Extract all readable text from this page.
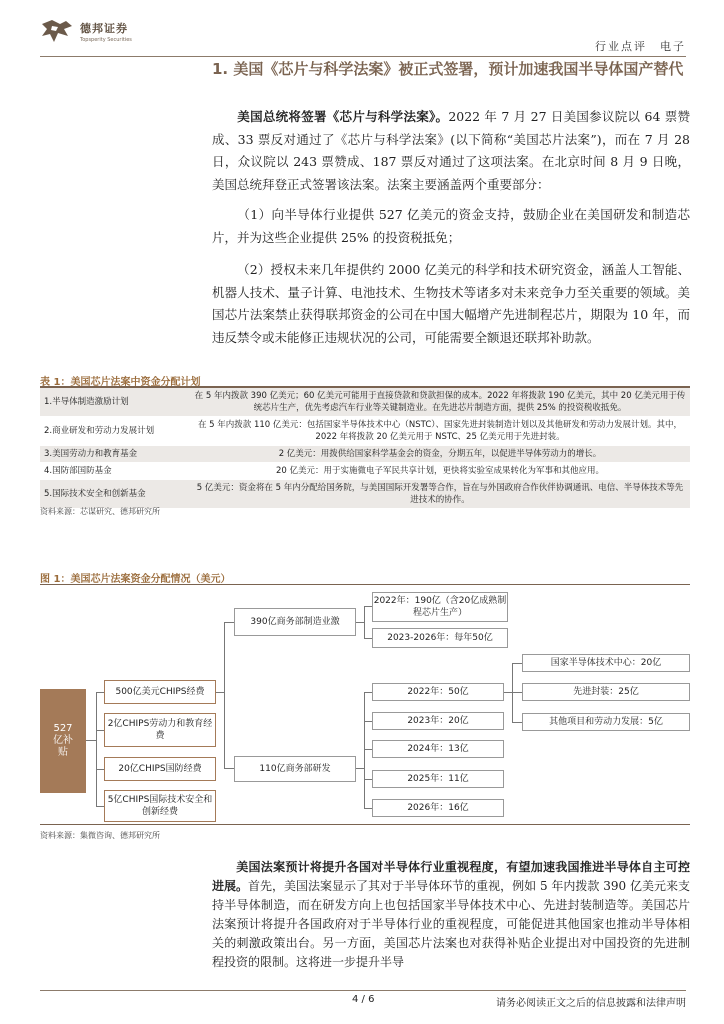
德邦证券
Topsperity Securities
行业点评　电子
1. 美国《芯片与科学法案》被正式签署，预计加速我国半导体国产替代
美国总统将签署《芯片与科学法案》。2022 年 7 月 27 日美国参议院以 64 票赞成、33 票反对通过了《芯片与科学法案》(以下简称“美国芯片法案”)，而在 7 月 28 日，众议院以 243 票赞成、187 票反对通过了这项法案。在北京时间 8 月 9 日晚，美国总统拜登正式签署该法案。法案主要涵盖两个重要部分：
（1）向半导体行业提供 527 亿美元的资金支持，鼓励企业在美国研发和制造芯片，并为这些企业提供 25% 的投资税抵免；
（2）授权未来几年提供约 2000 亿美元的科学和技术研究资金，涵盖人工智能、机器人技术、量子计算、电池技术、生物技术等诸多对未来竞争力至关重要的领域。美国芯片法案禁止获得联邦资金的公司在中国大幅增产先进制程芯片，期限为 10 年，而违反禁令或未能修正违规状况的公司，可能需要全额退还联邦补助款。
表 1：美国芯片法案中资金分配计划
1.半导体制造激励计划	在 5 年内拨款 390 亿美元；60 亿美元可能用于直接贷款和贷款担保的成本。2022 年将拨款 190 亿美元，其中 20 亿美元用于传统芯片生产，优先考虑汽车行业等关键制造业。在先进芯片制造方面，提供 25% 的投资税收抵免。
2.商业研发和劳动力发展计划	在 5 年内拨款 110 亿美元：包括国家半导体技术中心（NSTC）、国家先进封装制造计划以及其他研发和劳动力发展计划。其中，2022 年将拨款 20 亿美元用于 NSTC、25 亿美元用于先进封装。
3.美国劳动力和教育基金	2 亿美元：用拨供给国家科学基金会的资金，分期五年，以促进半导体劳动力的增长。
4.国防部国防基金	20 亿美元：用于实施微电子军民共享计划，更快将实验室成果转化为军事和其他应用。
5.国际技术安全和创新基金	5 亿美元：资金将在 5 年内分配给国务院，与美国国际开发署等合作，旨在与外国政府合作伙伴协调通讯、电信、半导体技术等先进技术的协作。
资料来源：芯谋研究、德邦研究所
图 1：美国芯片法案资金分配情况（美元）
527亿补贴
500亿美元CHIPS经费
2亿CHIPS劳动力和教育经费
20亿CHIPS国防经费
5亿CHIPS国际技术安全和创新经费
390亿商务部制造业激
110亿商务部研发
2022年：190亿（含20亿成熟制程芯片生产）
2023-2026年：每年50亿
2022年：50亿
2023年：20亿
2024年：13亿
2025年：11亿
2026年：16亿
国家半导体技术中心：20亿
先进封装：25亿
其他项目和劳动力发展：5亿
资料来源：集微咨询、德邦研究所
美国法案预计将提升各国对半导体行业重视程度，有望加速我国推进半导体自主可控进展。首先，美国法案显示了其对于半导体环节的重视，例如 5 年内拨款 390 亿美元来支持半导体制造，而在研发方向上也包括国家半导体技术中心、先进封装制造等。美国芯片法案预计将提升各国政府对于半导体行业的重视程度，可能促进其他国家也推动半导体相关的刺激政策出台。另一方面，美国芯片法案也对获得补贴企业提出对中国投资的先进制程投资的限制。这将进一步提升半导
4 / 6	请务必阅读正文之后的信息披露和法律声明
